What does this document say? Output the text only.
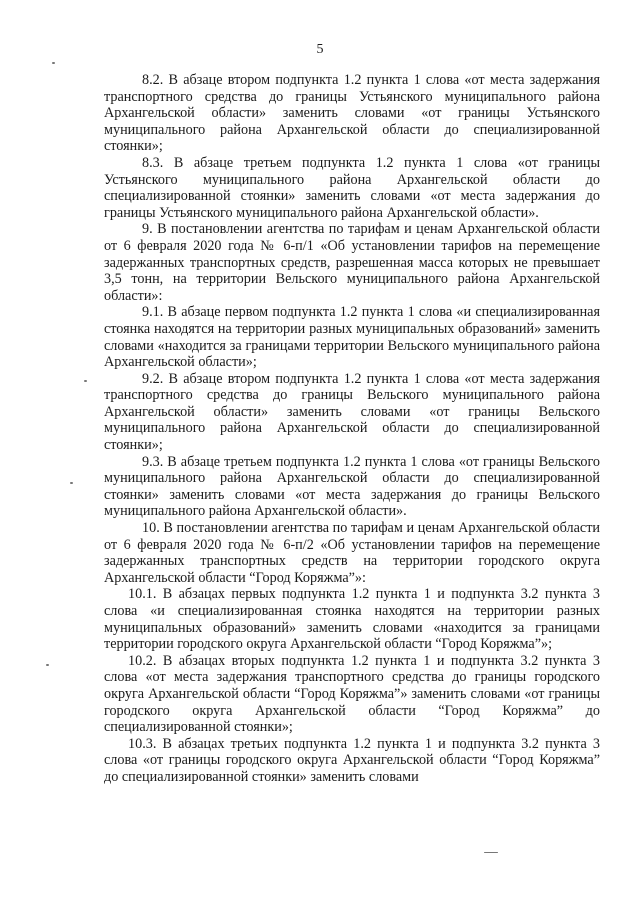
5

8.2. В абзаце втором подпункта 1.2 пункта 1 слова «от места задержания транспортного средства до границы Устьянского муниципального района Архангельской области» заменить словами «от границы Устьянского муниципального района Архангельской области до специализированной стоянки»;

8.3. В абзаце третьем подпункта 1.2 пункта 1 слова «от границы Устьянского муниципального района Архангельской области до специализированной стоянки» заменить словами «от места задержания до границы Устьянского муниципального района Архангельской области».

9. В постановлении агентства по тарифам и ценам Архангельской области от 6 февраля 2020 года № 6-п/1 «Об установлении тарифов на перемещение задержанных транспортных средств, разрешенная масса которых не превышает 3,5 тонн, на территории Вельского муниципального района Архангельской области»:

9.1. В абзаце первом подпункта 1.2 пункта 1 слова «и специализированная стоянка находятся на территории разных муниципальных образований» заменить словами «находится за границами территории Вельского муниципального района Архангельской области»;

9.2. В абзаце втором подпункта 1.2 пункта 1 слова «от места задержания транспортного средства до границы Вельского муниципального района Архангельской области» заменить словами «от границы Вельского муниципального района Архангельской области до специализированной стоянки»;

9.3. В абзаце третьем подпункта 1.2 пункта 1 слова «от границы Вельского муниципального района Архангельской области до специализированной стоянки» заменить словами «от места задержания до границы Вельского муниципального района Архангельской области».

10. В постановлении агентства по тарифам и ценам Архангельской области от 6 февраля 2020 года № 6-п/2 «Об установлении тарифов на перемещение задержанных транспортных средств на территории городского округа Архангельской области “Город Коряжма”»:

10.1. В абзацах первых подпункта 1.2 пункта 1 и подпункта 3.2 пункта 3 слова «и специализированная стоянка находятся на территории разных муниципальных образований» заменить словами «находится за границами территории городского округа Архангельской области “Город Коряжма”»;

10.2. В абзацах вторых подпункта 1.2 пункта 1 и подпункта 3.2 пункта 3 слова «от места задержания транспортного средства до границы городского округа Архангельской области “Город Коряжма”» заменить словами «от границы городского округа Архангельской области “Город Коряжма” до специализированной стоянки»;

10.3. В абзацах третьих подпункта 1.2 пункта 1 и подпункта 3.2 пункта 3 слова «от границы городского округа Архангельской области “Город Коряжма” до специализированной стоянки» заменить словами
